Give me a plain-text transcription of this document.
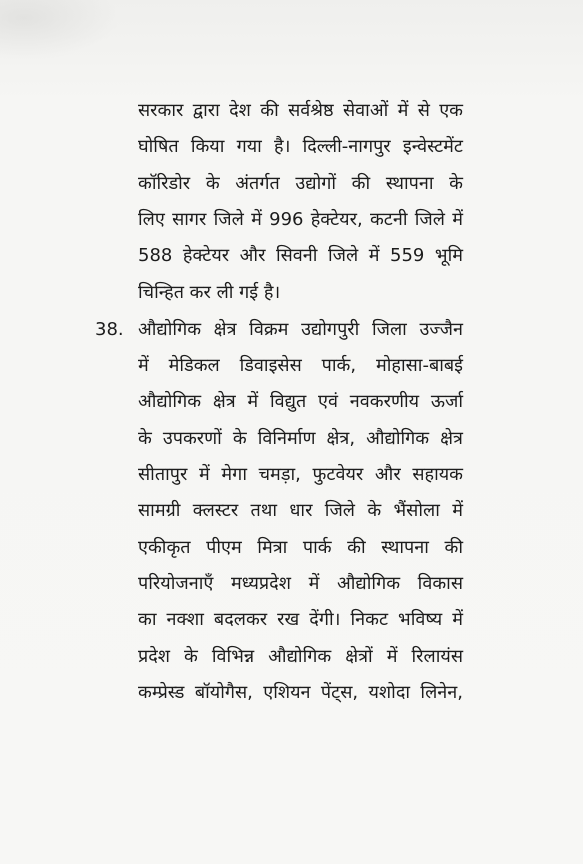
सरकार द्वारा देश की सर्वश्रेष्ठ सेवाओं में से एक
घोषित किया गया है। दिल्ली-नागपुर इन्वेस्टमेंट
कॉरिडोर के अंतर्गत उद्योगों की स्थापना के
लिए सागर जिले में 996 हेक्टेयर, कटनी जिले में
588 हेक्टेयर और सिवनी जिले में 559 भूमि
चिन्हित कर ली गई है।
38. औद्योगिक क्षेत्र विक्रम उद्योगपुरी जिला उज्जैन
में मेडिकल डिवाइसेस पार्क, मोहासा-बाबई
औद्योगिक क्षेत्र में विद्युत एवं नवकरणीय ऊर्जा
के उपकरणों के विनिर्माण क्षेत्र, औद्योगिक क्षेत्र
सीतापुर में मेगा चमड़ा, फुटवेयर और सहायक
सामग्री क्लस्टर तथा धार जिले के भैंसोला में
एकीकृत पीएम मित्रा पार्क की स्थापना की
परियोजनाएँ मध्यप्रदेश में औद्योगिक विकास
का नक्शा बदलकर रख देंगी। निकट भविष्य में
प्रदेश के विभिन्न औद्योगिक क्षेत्रों में रिलायंस
कम्प्रेस्ड बॉयोगैस, एशियन पेंट्स, यशोदा लिनेन,
